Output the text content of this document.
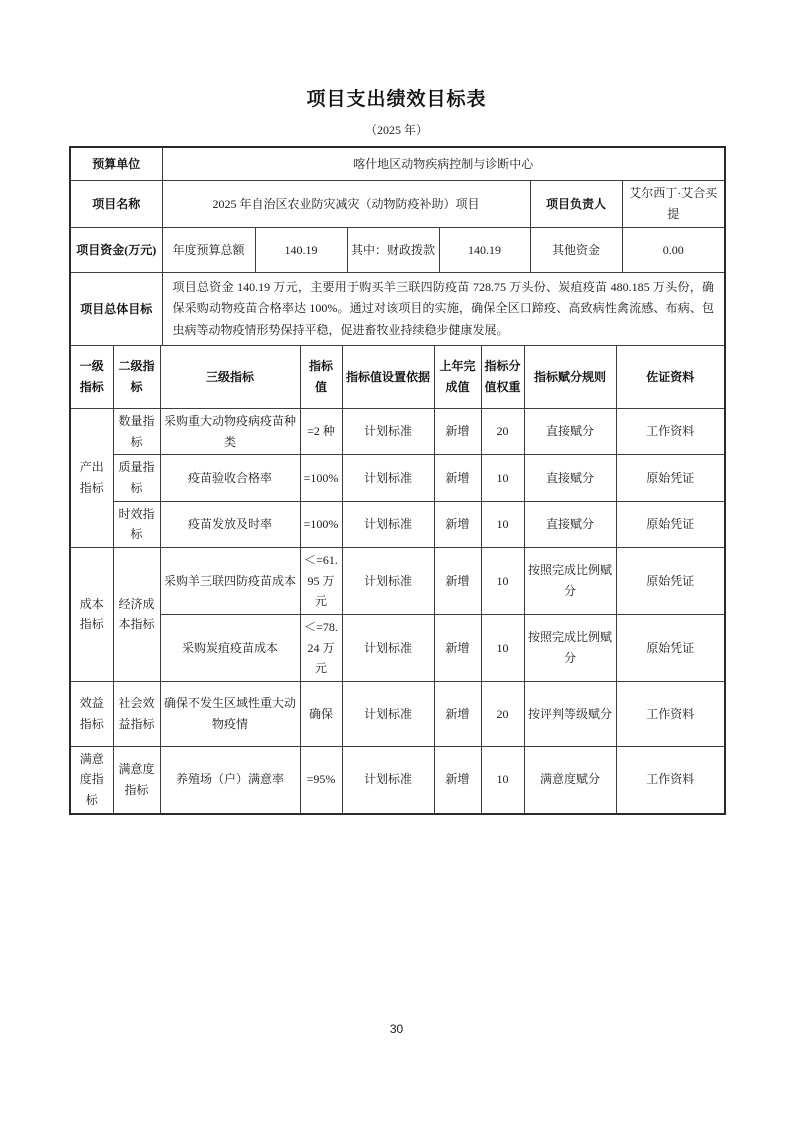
项目支出绩效目标表
（2025 年）
预算单位	喀什地区动物疾病控制与诊断中心					
项目名称	2025 年自治区农业防灾减灾（动物防疫补助）项目				项目负责人	艾尔西丁·艾合买提
项目资金(万元)	年度预算总额	140.19	其中：财政拨款	140.19	其他资金	0.00
项目总体目标	项目总资金 140.19 万元，主要用于购买羊三联四防疫苗 728.75 万头份、炭疽疫苗 480.185 万头份，确保采购动物疫苗合格率达 100%。通过对该项目的实施，确保全区口蹄疫、高致病性禽流感、布病、包虫病等动物疫情形势保持平稳，促进畜牧业持续稳步健康发展。					
一级指标	二级指标	三级指标	指标值	指标值设置依据	上年完成值	指标分值权重	指标赋分规则	佐证资料
产出指标	数量指标	采购重大动物疫病疫苗种类	=2 种	计划标准	新增	20	直接赋分	工作资料
	质量指标	疫苗验收合格率	=100%	计划标准	新增	10	直接赋分	原始凭证
	时效指标	疫苗发放及时率	=100%	计划标准	新增	10	直接赋分	原始凭证
成本指标	经济成本指标	采购羊三联四防疫苗成本	＜=61.95 万元	计划标准	新增	10	按照完成比例赋分	原始凭证
		采购炭疽疫苗成本	＜=78.24 万元	计划标准	新增	10	按照完成比例赋分	原始凭证
效益指标	社会效益指标	确保不发生区域性重大动物疫情	确保	计划标准	新增	20	按评判等级赋分	工作资料
满意度指标	满意度指标	养殖场（户）满意率	=95%	计划标准	新增	10	满意度赋分	工作资料
30
